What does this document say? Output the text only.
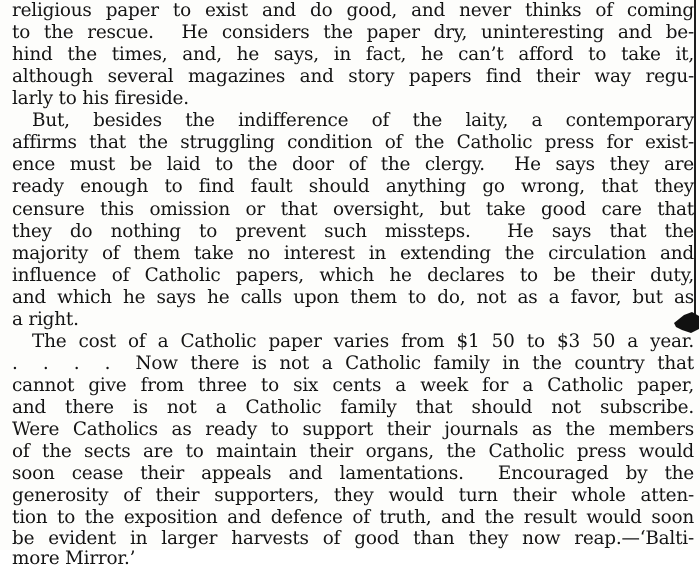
religious paper to exist and do good, and never thinks of coming
to the rescue.  He considers the paper dry, uninteresting and be-
hind the times, and, he says, in fact, he can’t afford to take it,
although several magazines and story papers find their way regu-
larly to his fireside.
But, besides the indifference of the laity, a contemporary
affirms that the struggling condition of the Catholic press for exist-
ence must be laid to the door of the clergy.  He says they are
ready enough to find fault should anything go wrong, that they
censure this omission or that oversight, but take good care that
they do nothing to prevent such missteps.  He says that the
majority of them take no interest in extending the circulation and
influence of Catholic papers, which he declares to be their duty,
and which he says he calls upon them to do, not as a favor, but as
a right.
The cost of a Catholic paper varies from $1 50 to $3 50 a year.
.  .  .  .  Now there is not a Catholic family in the country that
cannot give from three to six cents a week for a Catholic paper,
and there is not a Catholic family that should not subscribe.
Were Catholics as ready to support their journals as the members
of the sects are to maintain their organs, the Catholic press would
soon cease their appeals and lamentations.  Encouraged by the
generosity of their supporters, they would turn their whole atten-
tion to the exposition and defence of truth, and the result would soon
be evident in larger harvests of good than they now reap.—‘Balti-
more Mirror.’
